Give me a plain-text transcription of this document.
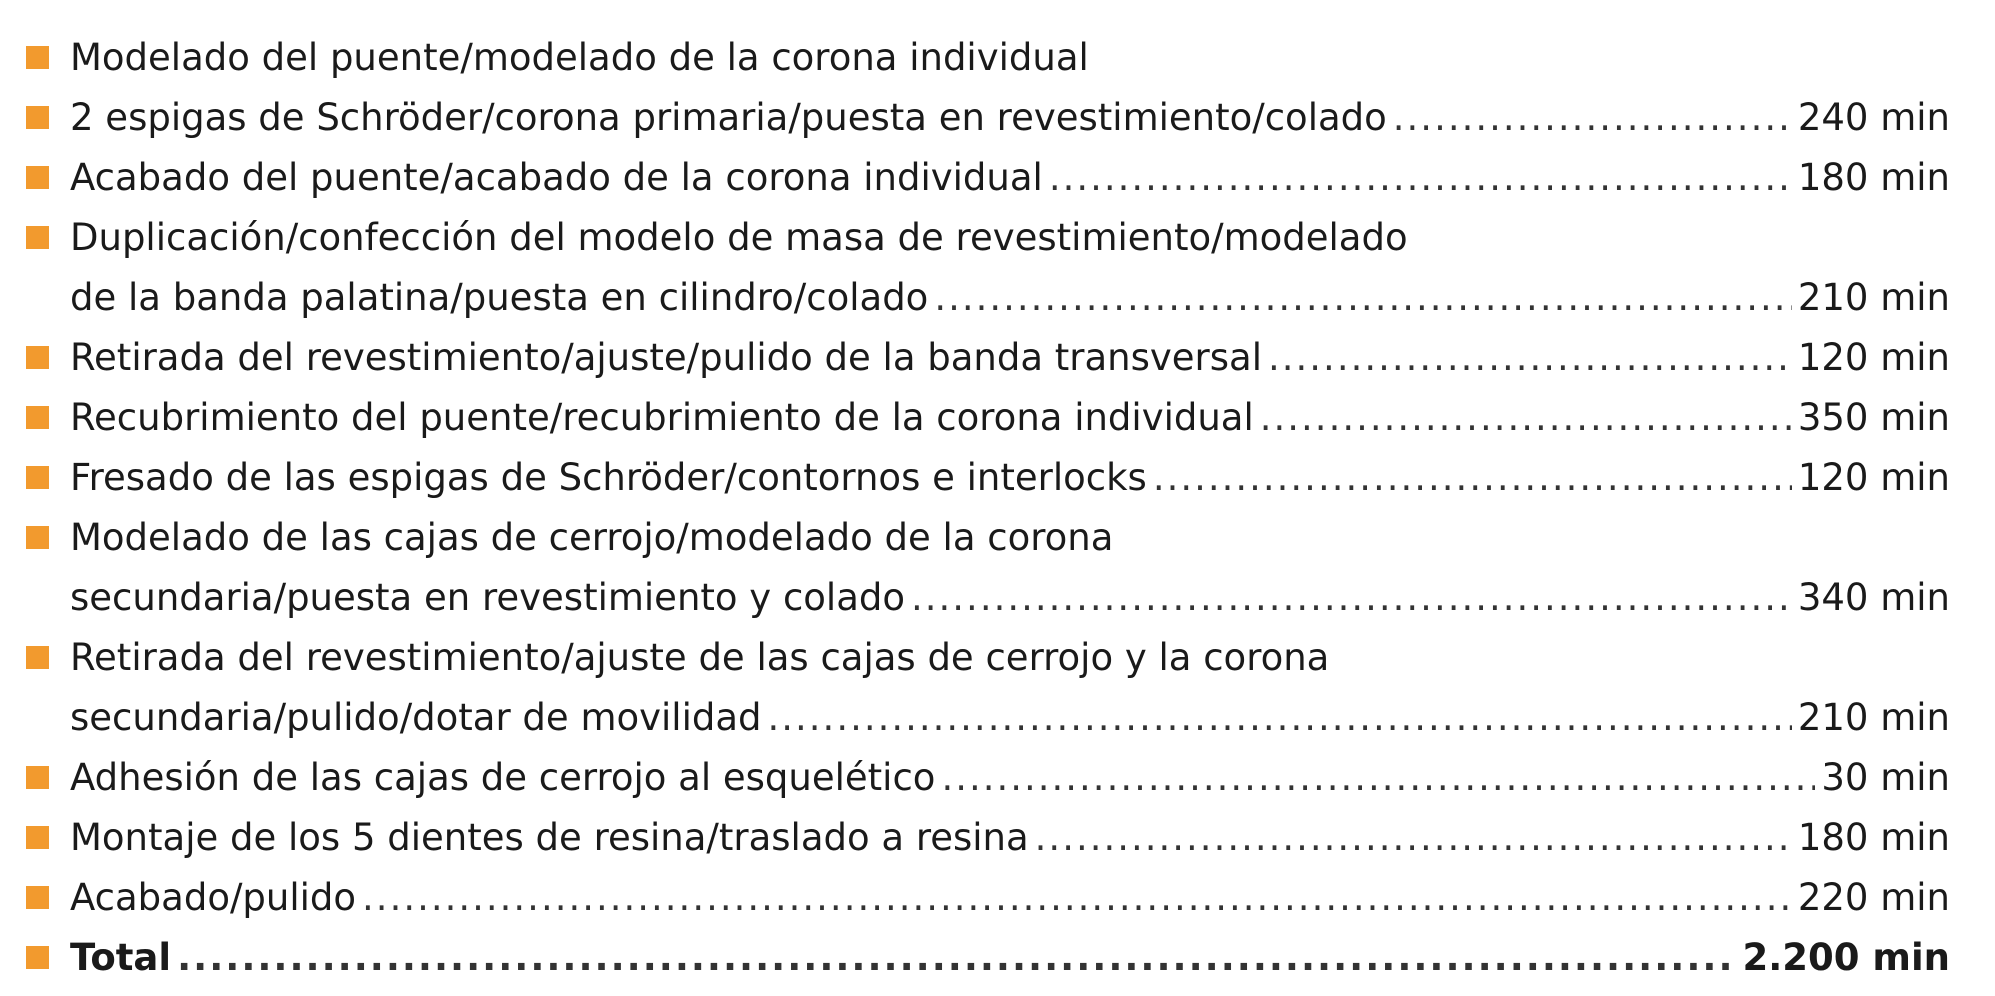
Modelado del puente/modelado de la corona individual
2 espigas de Schröder/corona primaria/puesta en revestimiento/colado .....	240 min
Acabado del puente/acabado de la corona individual .....	180 min
Duplicación/confección del modelo de masa de revestimiento/modelado
de la banda palatina/puesta en cilindro/colado .....	210 min
Retirada del revestimiento/ajuste/pulido de la banda transversal .....	120 min
Recubrimiento del puente/recubrimiento de la corona individual .....	350 min
Fresado de las espigas de Schröder/contornos e interlocks .....	120 min
Modelado de las cajas de cerrojo/modelado de la corona
secundaria/puesta en revestimiento y colado .....	340 min
Retirada del revestimiento/ajuste de las cajas de cerrojo y la corona
secundaria/pulido/dotar de movilidad .....	210 min
Adhesión de las cajas de cerrojo al esquelético .....	30 min
Montaje de los 5 dientes de resina/traslado a resina .....	180 min
Acabado/pulido .....	220 min
Total .....	2.200 min
